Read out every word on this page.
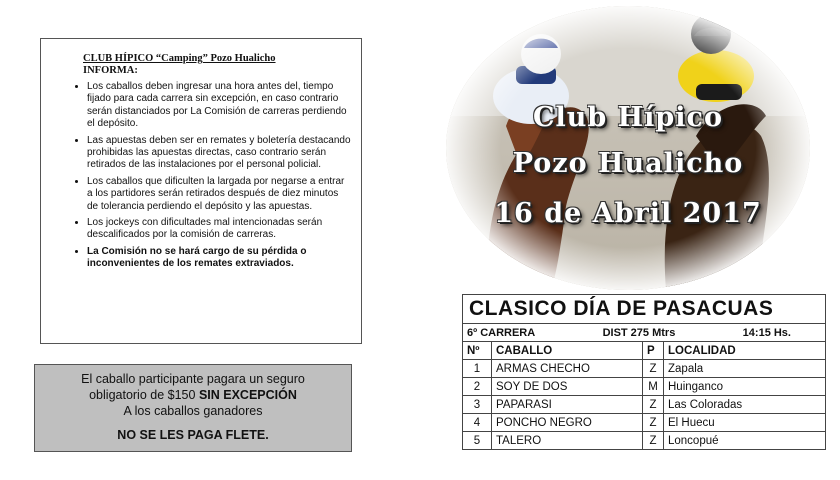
CLUB HÍPICO “Camping” Pozo Hualicho
INFORMA:
• Los caballos deben ingresar una hora antes del, tiempo fijado para cada carrera sin excepción, en caso contrario serán distanciados por La Comisión de carreras perdiendo el depósito.
• Las apuestas deben ser en remates y boletería destacando prohibidas las apuestas directas, caso contrario serán retirados de las instalaciones por el personal policial.
• Los caballos que dificulten la largada por negarse a entrar a los partidores serán retirados después de diez minutos de tolerancia perdiendo el depósito y las apuestas.
• Los jockeys con dificultades mal intencionadas serán descalificados por la comisión de carreras.
• La Comisión no se hará cargo de su pérdida o inconvenientes de los remates extraviados.
El caballo participante pagara un seguro
obligatorio de $150 SIN EXCEPCIÓN
A los caballos ganadores
NO SE LES PAGA FLETE.
Club Hípico
Pozo Hualicho
16 de Abril 2017
CLASICO DÍA DE PASACUAS			

6º CARRERA DIST 275 Mtrs 14:15 Hs.			

Nº	CABALLO	P	LOCALIDAD
1	ARMAS CHECHO	Z	Zapala
2	SOY DE DOS	M	Huinganco
3	PAPARASI	Z	Las Coloradas
4	PONCHO NEGRO	Z	El Huecu
5	TALERO	Z	Loncopué
